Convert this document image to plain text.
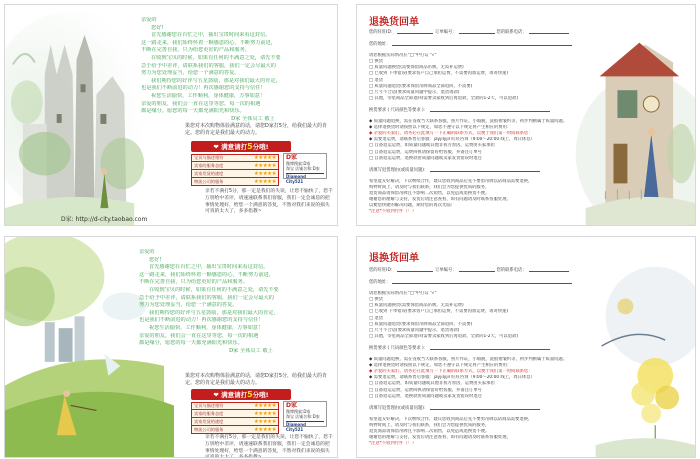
亲爱的
您好!
首先感谢您在百忙之中，抽出宝贵时间来看这封信。
这一路走来，我们始终怀着一颗感恩的心，不断努力前进，
不断在完善自我，只为给您更好的产品和服务。
在收到宝贝的时候，如果有任何的不满意之处，请先不要
急于给予中差评，请联系我们的客服，我们一定会尽最大的
努力为您处理妥当，给您一个满意的答复。
我们期待您的好评与五星鼓励，那是对我们最大的肯定，
也是我们不断前进的动力！再次感谢您的支持与信任！
祝您生活愉快，工作顺利，身体健康，万事如意！
亲爱的朋友，我们会一直在这里等您，每一次的相遇
都是缘分，愿您的每一天都充满阳光和快乐。
D家 全体员工 敬上
果您对本次购物体验满意的话，请您D家打5分，给我们最大的肯定。您的肯定是我们最大的动力。
❤ 满意请打5分哦!
宝贝与描述相符	★★★★★
卖家的服务态度	★★★★★
卖家发货的速度	★★★★★
物流公司的服务	★★★★★
D家
微博搜索:D家
淘宝 店铺名称:D家
Diamond City521
亲若不满打5分，那一定是我们的失误，让您不愉快了，您千万别给中差评，请速速联系我们客服，我们一定会诚恳的把事情处理好，给您一个满意的答复，不然对我们来说的损失可真的太大了，多多指教~
D家: http://d-city.taobao.com
退换货回单
您的旺旺ID：	订单编号：	您的联系电话：
您的地址：
请您根据实际情况在"□"中打勾 "√"
□ 换货
□ 质量问题换货(需要保留商品吊牌，无需补运费)
□ 已收到 下单错误(要求客户自己承担运费，不需要再加运费，请寄快递)
□ 退货
□ 质量问题退货(要求保留吊牌商品全部退回，不需要)
□ 尺寸不合适(要求质量问题中提示，退货请款)
□ 其他，零星商品全部退回(需要卖家收到后再退款，全款的1-2天，可以退款)
换货要求 ( 尺码颜色等要求 )：
◆ 质量问题退换，需在签收当天联系客服，照片作证，小瑕疵，洗痕褶皱约等，初步判断属于质量问题。
◆ 选择退换货时请按照以下规定，如您不遵守以下规定将产生相应的费用：
◆ 亲爱的买家们，请务必在此填写一下正确的联系方式，以便于我们第一时间联系您：
◆ 需要退运费，请联系售后客服：jayjilyjil 旺旺咨询（9:00～20:00 线上，周日休息）
□ 自备退运运费，如质量问题或其他非我方原因，运费由买家承担
□ 自备退运运费，运费回执请保留好给客服，并备注订单号
□ 自备退运运费，退换款由质量问题或卖家发货错误时退还
请填写退货理由(或质量问题)：
希望能友好解决，下次继续合作，建议您收到商品后先不要剪吊牌以防商品需要退换，
购物时间上，请及时与我们联系，我们会为您提供优质的服务，
退货商品请保留吊牌且不影响二次销售，以免造成退换货不便。
谢谢您的理解与支持，发货后请注意查看，如有问题请及时联系客服处理，
以便您快捷的解决问题，期待您的再次光临！
*注意*不收到付件（！）
亲爱的
您好!
首先感谢您在百忙之中，抽出宝贵时间来看这封信。
这一路走来，我们始终怀着一颗感恩的心，不断努力前进，
不断在完善自我，只为给您更好的产品和服务。
在收到宝贝的时候，如果有任何的不满意之处，请先不要
急于给予中差评，请联系我们的客服，我们一定会尽最大的
努力为您处理妥当，给您一个满意的答复。
我们期待您的好评与五星鼓励，那是对我们最大的肯定，
也是我们不断前进的动力！再次感谢您的支持与信任！
祝您生活愉快，工作顺利，身体健康，万事如意！
亲爱的朋友，我们会一直在这里等您，每一次的相遇
都是缘分，愿您的每一天都充满阳光和快乐。
D家 全体员工 敬上
果您对本次购物体验满意的话，请您D家打5分，给我们最大的肯定。您的肯定是我们最大的动力。
❤ 满意请打5分哦!
宝贝与描述相符	★★★★★
卖家的服务态度	★★★★★
卖家发货的速度	★★★★★
物流公司的服务	★★★★★
D家
微博搜索:D家
淘宝 店铺名称:D家
Diamond City521
亲若不满打5分，那一定是我们的失误，让您不愉快了，您千万别给中差评，请速速联系我们客服，我们一定会诚恳的把事情处理好，给您一个满意的答复，不然对我们来说的损失可真的太大了，多多指教~
退换货回单
您的旺旺ID：	订单编号：	您的联系电话：
您的地址：
请您根据实际情况在"□"中打勾 "√"
□ 换货
□ 质量问题换货(需要保留商品吊牌，无需补运费)
□ 已收到 下单错误(要求客户自己承担运费，不需要再加运费，请寄快递)
□ 退货
□ 质量问题退货(要求保留吊牌商品全部退回，不需要)
□ 尺寸不合适(要求质量问题中提示，退货请款)
□ 其他，零星商品全部退回(需要卖家收到后再退款，全款的1-2天，可以退款)
换货要求 ( 尺码颜色等要求 )：
◆ 质量问题退换，需在签收当天联系客服，照片作证，小瑕疵，洗痕褶皱约等，初步判断属于质量问题。
◆ 选择退换货时请按照以下规定，如您不遵守以下规定将产生相应的费用：
◆ 亲爱的买家们，请务必在此填写一下正确的联系方式，以便于我们第一时间联系您：
◆ 需要退运费，请联系售后客服：jayjilyjil 旺旺咨询（9:00～20:00 线上，周日休息）
□ 自备退运运费，如质量问题或其他非我方原因，运费由买家承担
□ 自备退运运费，运费回执请保留好给客服，并备注订单号
□ 自备退运运费，退换款由质量问题或卖家发货错误时退还
请填写退货理由(或质量问题)：
希望能友好解决，下次继续合作，建议您收到商品后先不要剪吊牌以防商品需要退换，
购物时间上，请及时与我们联系，我们会为您提供优质的服务，
退货商品请保留吊牌且不影响二次销售，以免造成退换货不便。
谢谢您的理解与支持，发货后请注意查看，如有问题请及时联系客服处理，
*注意*不收到付件（！）
